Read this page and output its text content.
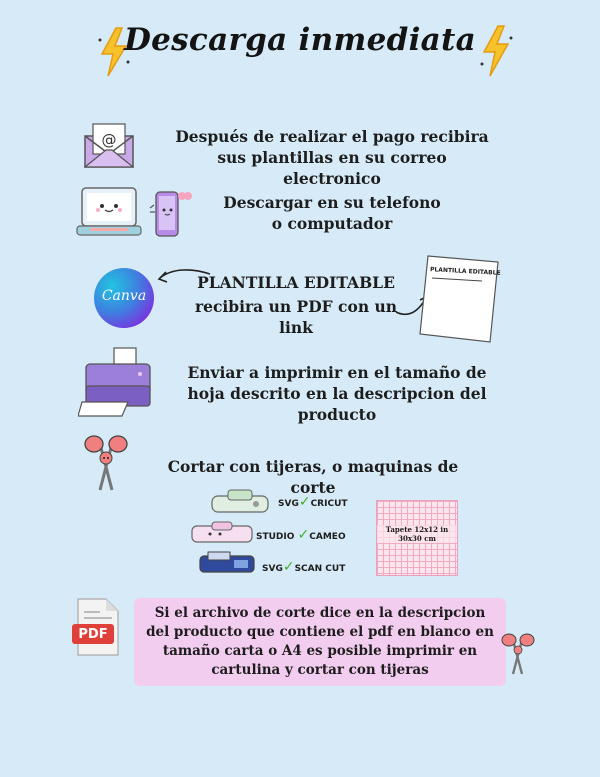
Descarga inmediata
@	Después de realizar el pago recibira sus plantillas en su correo electronico
Descargar en su telefono o computador
Canva
PLANTILLA EDITABLE
recibira un PDF con un link
PLANTILLA EDITABLE
Enviar a imprimir en el tamaño de hoja descrito en la descripcion del producto
Cortar con tijeras, o maquinas de corte
SVG✓CRICUT
STUDIO ✓CAMEO
SVG✓SCAN CUT
Tapete 12x12 in
30x30 cm
PDF
Si el archivo de corte dice en la descripcion del producto que contiene el pdf en blanco en tamaño carta o A4 es posible imprimir en cartulina y cortar con tijeras
